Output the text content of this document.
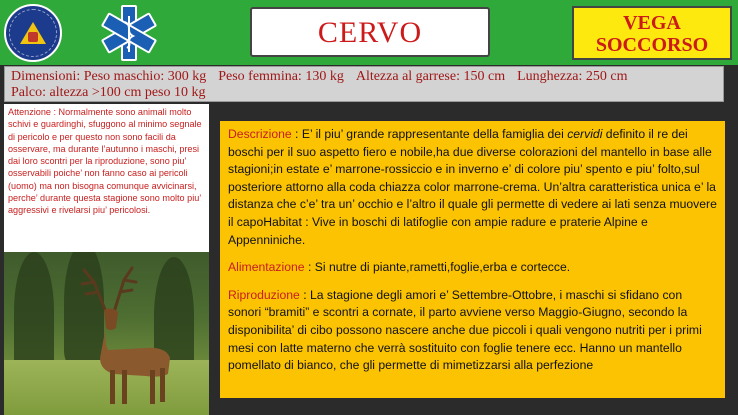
CERVO	VEGA
SOCCORSO
Dimensioni: Peso maschio: 300 kg Peso femmina: 130 kg Altezza al garrese: 150 cm Lunghezza: 250 cm
Palco: altezza >100 cm peso 10 kg
Attenzione : Normalmente sono animali molto schivi e guardinghi, sfuggono al minimo segnale di pericolo e per questo non sono facili da osservare, ma durante l’autunno i maschi, presi dai loro scontri per la riproduzione, sono piu’ osservabili poiche’ non fanno caso ai pericoli (uomo) ma non bisogna comunque avvicinarsi, perche’ durante questa stagione sono molto piu’ aggressivi e rivelarsi piu’ pericolosi.

Descrizione : E’ il piu’ grande rappresentante della famiglia dei cervidi definito il re dei boschi per il suo aspetto fiero e nobile,ha due diverse colorazioni del mantello in base alle stagioni;in estate e’ marrone-rossiccio e in inverno e’ di colore piu’ spento e piu’ folto,sul posteriore attorno alla coda chiazza color marrone-crema. Un’altra caratteristica unica e’ la distanza che c’e’ tra un’ occhio e l’altro il quale gli permette di vedere ai lati senza muovere il capoHabitat : Vive in boschi di latifoglie con ampie radure e praterie Alpine e Appenniniche.

Alimentazione : Si nutre di piante,rametti,foglie,erba e cortecce.

Riproduzione : La stagione degli amori e’ Settembre-Ottobre, i maschi si sfidano con sonori “bramiti” e scontri a cornate, il parto avviene verso Maggio-Giugno, secondo la disponibilita’ di cibo possono nascere anche due piccoli i quali vengono nutriti per i primi mesi con latte materno che verrà sostituito con foglie tenere ecc. Hanno un mantello pomellato di bianco, che gli permette di mimetizzarsi alla perfezione
